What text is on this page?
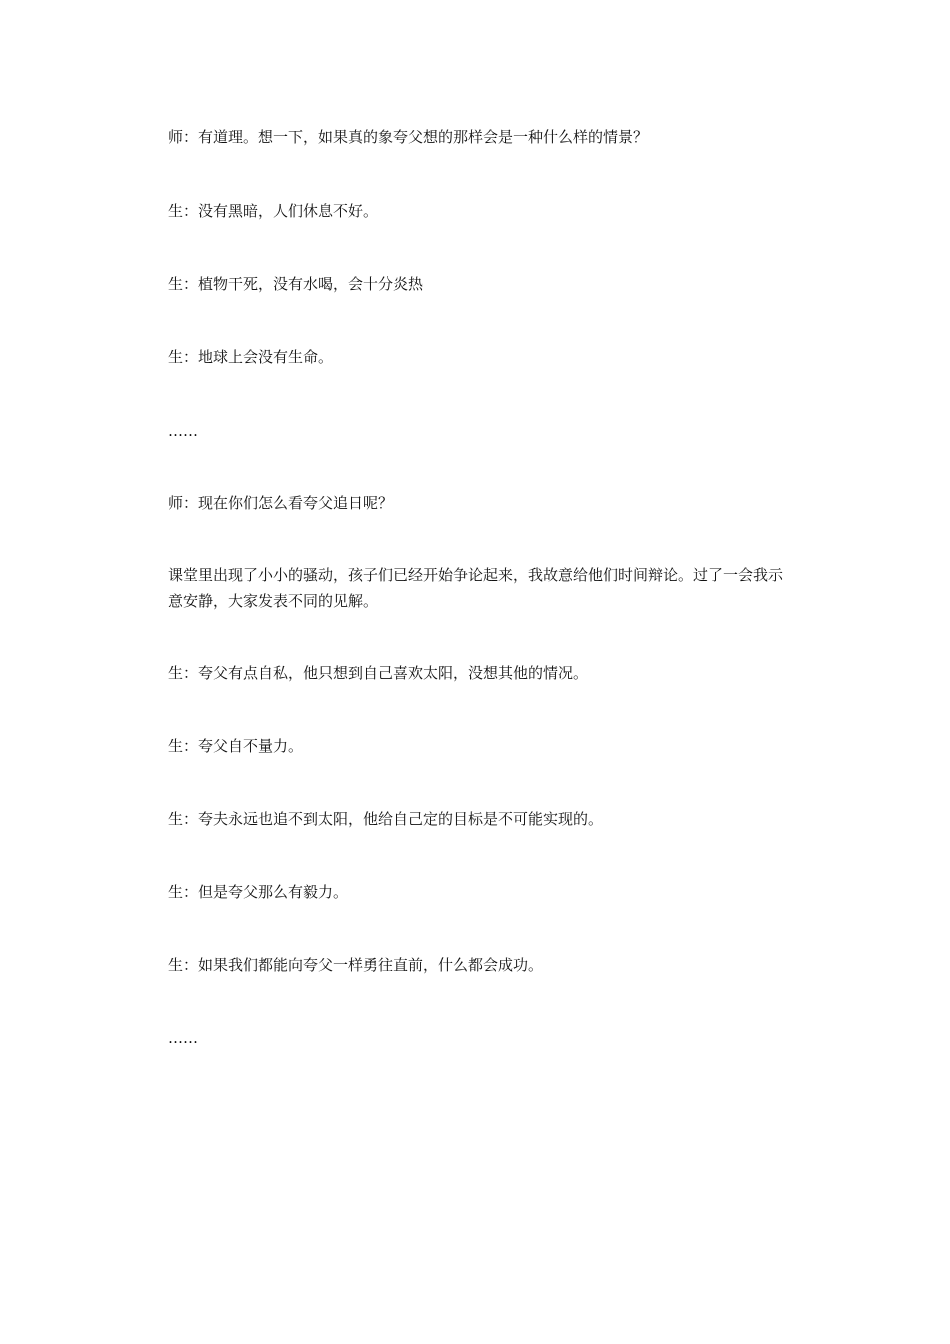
师：有道理。想一下，如果真的象夸父想的那样会是一种什么样的情景？

生：没有黑暗，人们休息不好。

生：植物干死，没有水喝，会十分炎热

生：地球上会没有生命。

……

师：现在你们怎么看夸父追日呢？

课堂里出现了小小的骚动，孩子们已经开始争论起来，我故意给他们时间辩论。过了一会我示意安静，大家发表不同的见解。

生：夸父有点自私，他只想到自己喜欢太阳，没想其他的情况。

生：夸父自不量力。

生：夸夫永远也追不到太阳，他给自己定的目标是不可能实现的。

生：但是夸父那么有毅力。

生：如果我们都能向夸父一样勇往直前，什么都会成功。

……
